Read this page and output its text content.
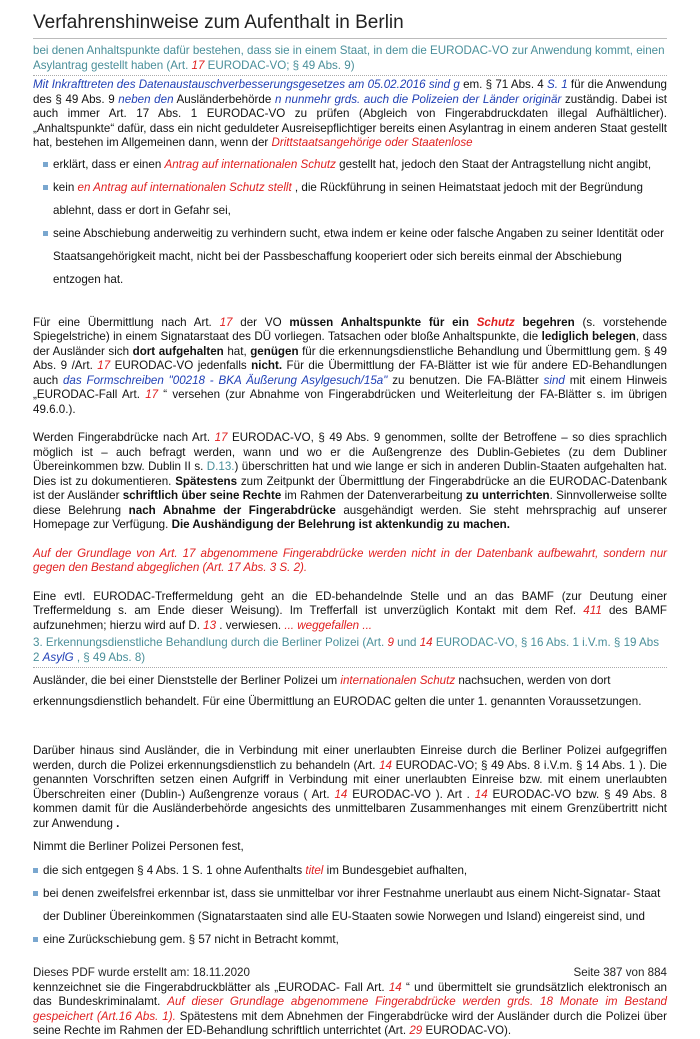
Verfahrenshinweise zum Aufenthalt in Berlin
bei denen Anhaltspunkte dafür bestehen, dass sie in einem Staat, in dem die EURODAC-VO zur Anwendung kommt, einen Asylantrag gestellt haben (Art. 17 EURODAC-VO; § 49 Abs. 9)

Mit Inkrafttreten des Datenaustauschverbesserungsgesetzes am 05.02.2016 sind g em. § 71 Abs. 4 S. 1 für die Anwendung des § 49 Abs. 9 neben den Ausländerbehörde n nunmehr grds. auch die Polizeien der Länder originär zuständig. Dabei ist auch immer Art. 17 Abs. 1 EURODAC-VO zu prüfen (Abgleich von Fingerabdruckdaten illegal Aufhältlicher). „Anhaltspunkte“ dafür, dass ein nicht geduldeter Ausreisepflichtiger bereits einen Asylantrag in einem anderen Staat gestellt hat, bestehen im Allgemeinen dann, wenn der Drittstaatsangehörige oder Staatenlose

erklärt, dass er einen Antrag auf internationalen Schutz gestellt hat, jedoch den Staat der Antragstellung nicht angibt,
kein en Antrag auf internationalen Schutz stellt , die Rückführung in seinen Heimatstaat jedoch mit der Begründung ablehnt, dass er dort in Gefahr sei,
seine Abschiebung anderweitig zu verhindern sucht, etwa indem er keine oder falsche Angaben zu seiner Identität oder Staatsangehörigkeit macht, nicht bei der Passbeschaffung kooperiert oder sich bereits einmal der Abschiebung entzogen hat.

Für eine Übermittlung nach Art. 17 der VO müssen Anhaltspunkte für ein Schutz begehren (s. vorstehende Spiegelstriche) in einem Signatarstaat des DÜ vorliegen. Tatsachen oder bloße Anhaltspunkte, die lediglich belegen, dass der Ausländer sich dort aufgehalten hat, genügen für die erkennungsdienstliche Behandlung und Übermittlung gem. § 49 Abs. 9 /Art. 17 EURODAC-VO jedenfalls nicht. Für die Übermittlung der FA-Blätter ist wie für andere ED-Behandlungen auch das Formschreiben "00218 - BKA Äußerung Asylgesuch/15a" zu benutzen. Die FA-Blätter sind mit einem Hinweis „EURODAC-Fall Art. 17 “ versehen (zur Abnahme von Fingerabdrücken und Weiterleitung der FA-Blätter s. im übrigen 49.6.0.).

Werden Fingerabdrücke nach Art. 17 EURODAC-VO, § 49 Abs. 9 genommen, sollte der Betroffene – so dies sprachlich möglich ist – auch befragt werden, wann und wo er die Außengrenze des Dublin-Gebietes (zu dem Dubliner Übereinkommen bzw. Dublin II s. D.13.) überschritten hat und wie lange er sich in anderen Dublin-Staaten aufgehalten hat. Dies ist zu dokumentieren. Spätestens zum Zeitpunkt der Übermittlung der Fingerabdrücke an die EURODAC-Datenbank ist der Ausländer schriftlich über seine Rechte im Rahmen der Datenverarbeitung zu unterrichten. Sinnvollerweise sollte diese Belehrung nach Abnahme der Fingerabdrücke ausgehändigt werden. Sie steht mehrsprachig auf unserer Homepage zur Verfügung. Die Aushändigung der Belehrung ist aktenkundig zu machen.

Auf der Grundlage von Art. 17 abgenommene Fingerabdrücke werden nicht in der Datenbank aufbewahrt, sondern nur gegen den Bestand abgeglichen (Art. 17 Abs. 3 S. 2).

Eine evtl. EURODAC-Treffermeldung geht an die ED-behandelnde Stelle und an das BAMF (zur Deutung einer Treffermeldung s. am Ende dieser Weisung). Im Trefferfall ist unverzüglich Kontakt mit dem Ref. 411 des BAMF aufzunehmen; hierzu wird auf D. 13 . verwiesen. ... weggefallen ...

3. Erkennungsdienstliche Behandlung durch die Berliner Polizei (Art. 9 und 14 EURODAC-VO, § 16 Abs. 1 i.V.m. § 19 Abs 2 AsylG , § 49 Abs. 8)

Ausländer, die bei einer Dienststelle der Berliner Polizei um internationalen Schutz nachsuchen, werden von dort erkennungsdienstlich behandelt. Für eine Übermittlung an EURODAC gelten die unter 1. genannten Voraussetzungen.

Darüber hinaus sind Ausländer, die in Verbindung mit einer unerlaubten Einreise durch die Berliner Polizei aufgegriffen werden, durch die Polizei erkennungsdienstlich zu behandeln (Art. 14 EURODAC-VO; § 49 Abs. 8 i.V.m. § 14 Abs. 1 ). Die genannten Vorschriften setzen einen Aufgriff in Verbindung mit einer unerlaubten Einreise bzw. mit einem unerlaubten Überschreiten einer (Dublin-) Außengrenze voraus ( Art. 14 EURODAC-VO ). Art . 14 EURODAC-VO bzw. § 49 Abs. 8 kommen damit für die Ausländerbehörde angesichts des unmittelbaren Zusammenhanges mit einem Grenzübertritt nicht zur Anwendung .

Nimmt die Berliner Polizei Personen fest,

die sich entgegen § 4 Abs. 1 S. 1 ohne Aufenthalts titel im Bundesgebiet aufhalten,
bei denen zweifelsfrei erkennbar ist, dass sie unmittelbar vor ihrer Festnahme unerlaubt aus einem Nicht-Signatar- Staat der Dubliner Übereinkommen (Signatarstaaten sind alle EU-Staaten sowie Norwegen und Island) eingereist sind, und
eine Zurückschiebung gem. § 57 nicht in Betracht kommt,

kennzeichnet sie die Fingerabdruckblätter als „EURODAC- Fall Art. 14 “ und übermittelt sie grundsätzlich elektronisch an das Bundeskriminalamt. Auf dieser Grundlage abgenommene Fingerabdrücke werden grds. 18 Monate im Bestand gespeichert (Art.16 Abs. 1). Spätestens mit dem Abnehmen der Fingerabdrücke wird der Ausländer durch die Polizei über seine Rechte im Rahmen der ED-Behandlung schriftlich unterrichtet (Art. 29 EURODAC-VO).

Dieses PDF wurde erstellt am: 18.11.2020	Seite 387 von 884
